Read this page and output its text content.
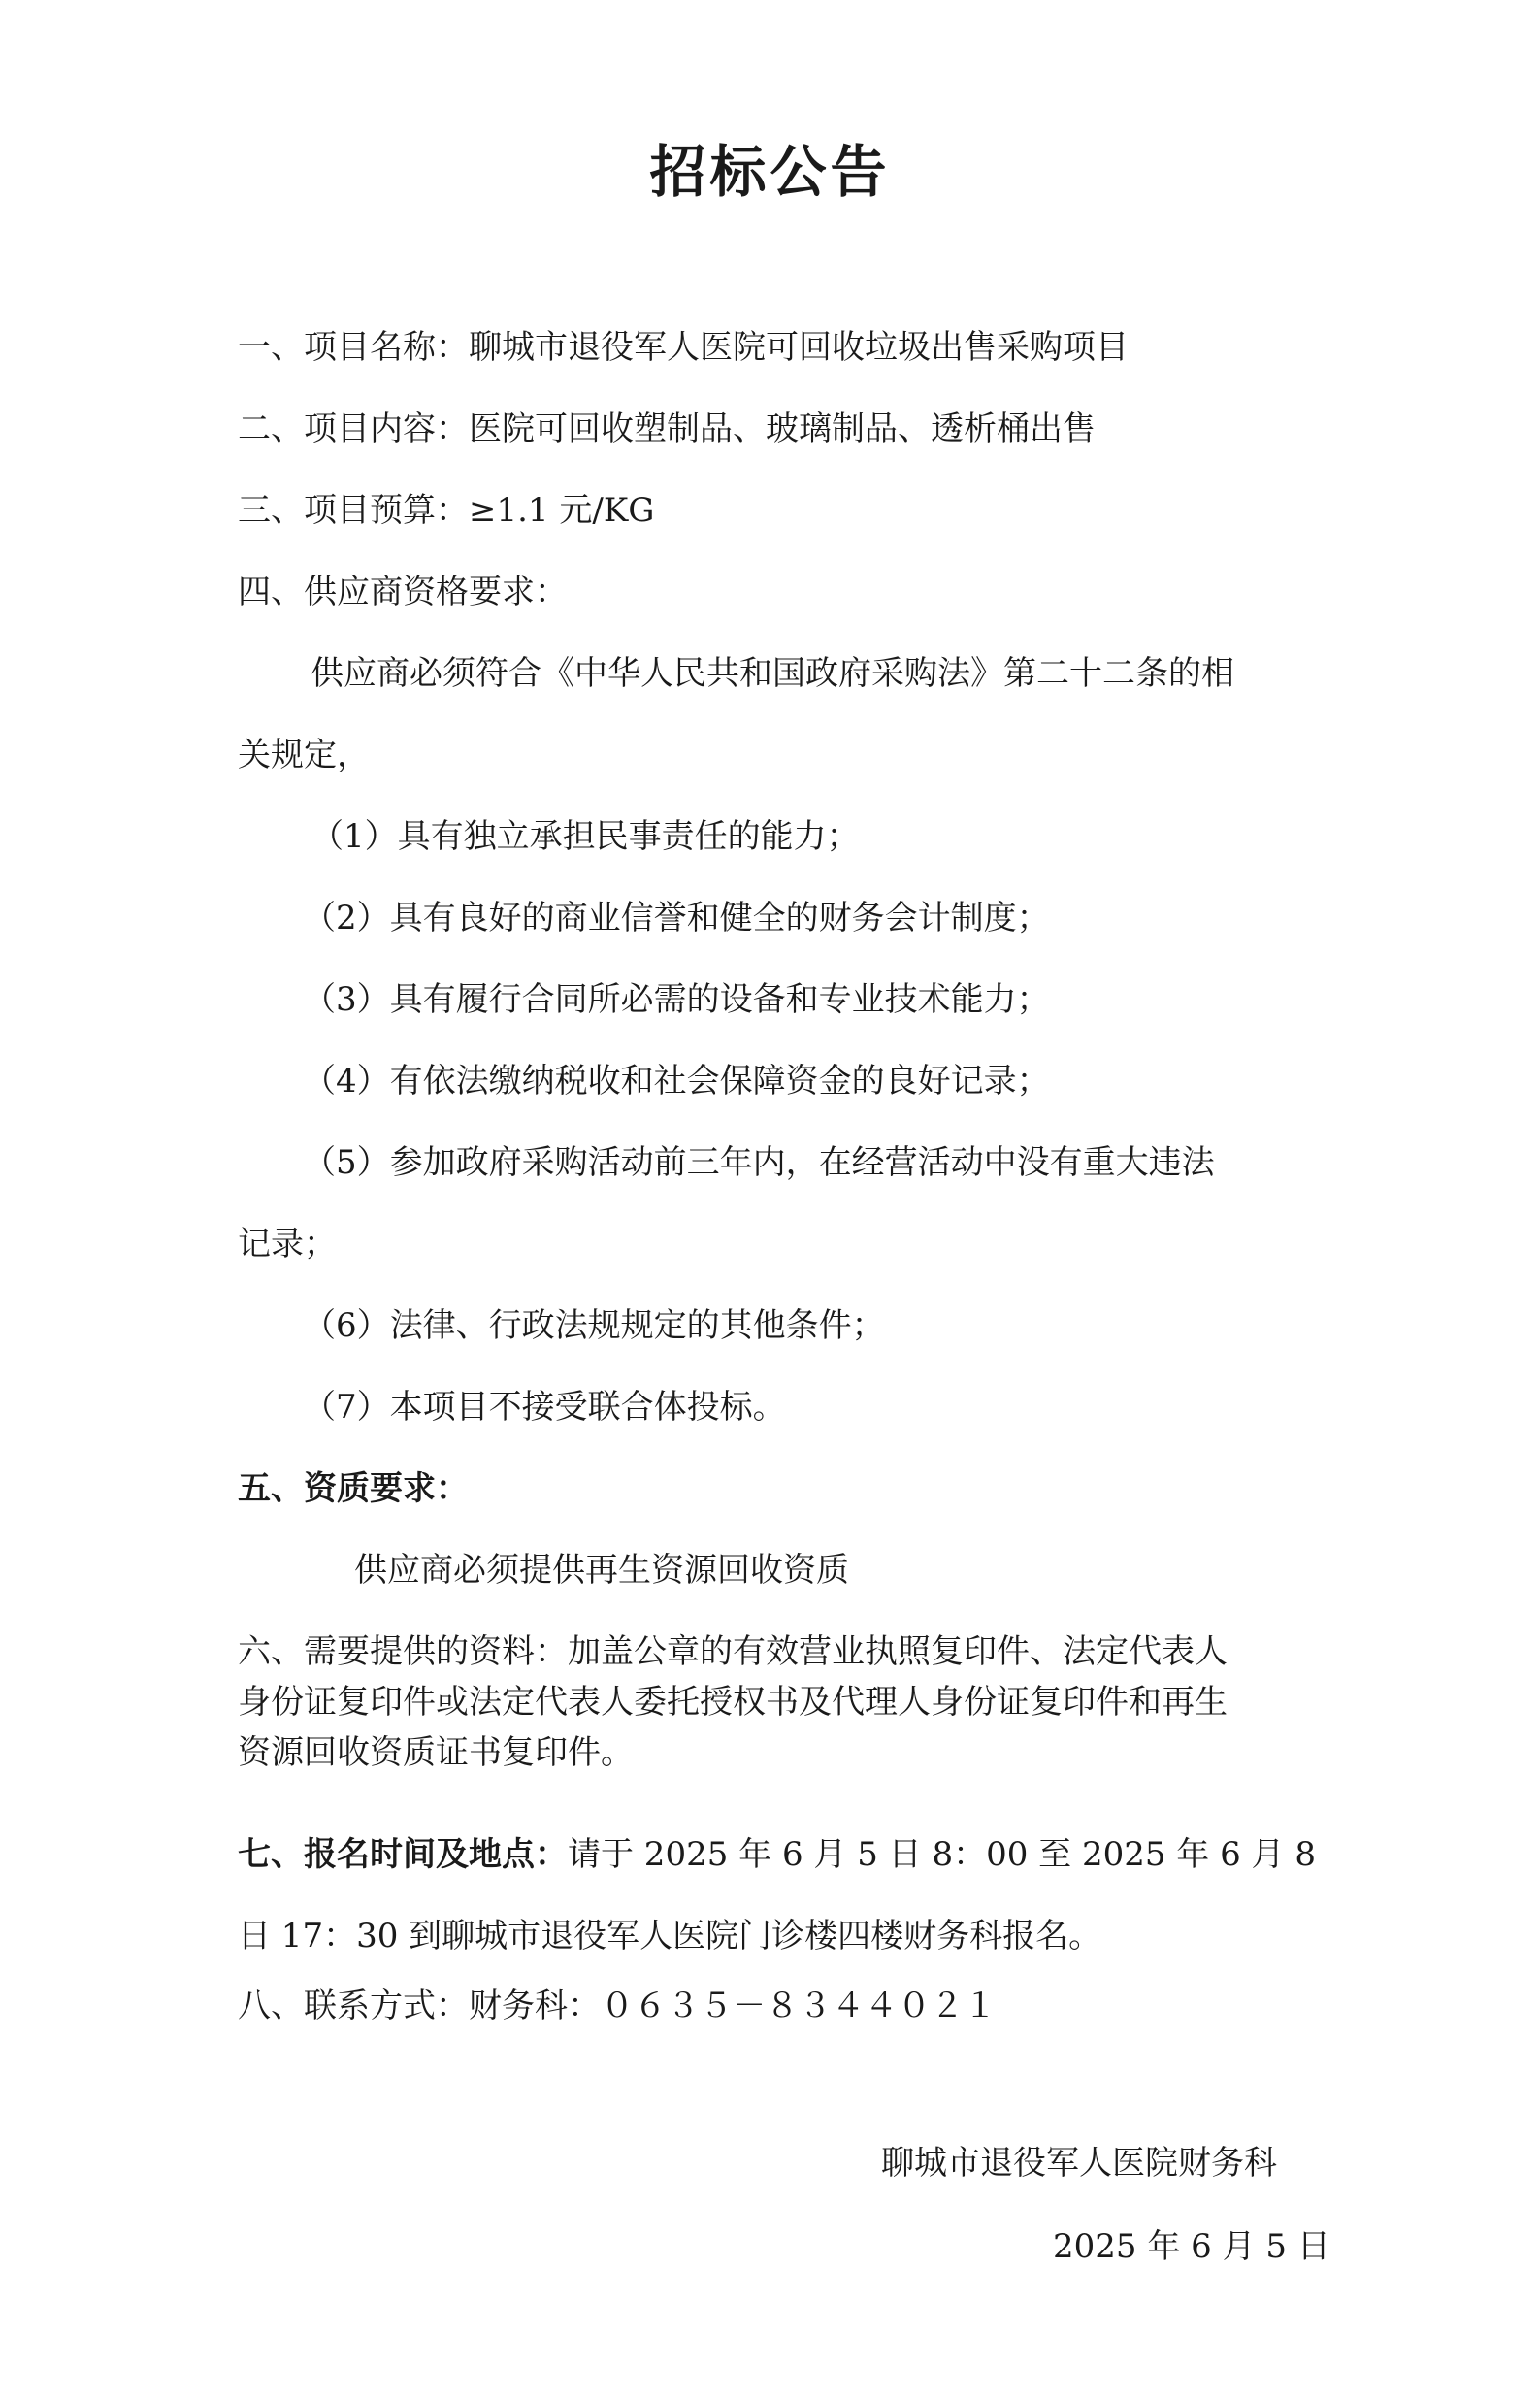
招标公告
一、项目名称：聊城市退役军人医院可回收垃圾出售采购项目
二、项目内容：医院可回收塑制品、玻璃制品、透析桶出售
三、项目预算：≥1.1 元/KG
四、供应商资格要求：
供应商必须符合《中华人民共和国政府采购法》第二十二条的相
关规定，
（1）具有独立承担民事责任的能力；
（2）具有良好的商业信誉和健全的财务会计制度；
（3）具有履行合同所必需的设备和专业技术能力；
（4）有依法缴纳税收和社会保障资金的良好记录；
（5）参加政府采购活动前三年内，在经营活动中没有重大违法
记录；
（6）法律、行政法规规定的其他条件；
（7）本项目不接受联合体投标。
五、资质要求：
供应商必须提供再生资源回收资质
六、需要提供的资料：加盖公章的有效营业执照复印件、法定代表人
身份证复印件或法定代表人委托授权书及代理人身份证复印件和再生
资源回收资质证书复印件。
七、报名时间及地点：请于 2025 年 6 月 5 日 8：00 至 2025 年 6 月 8
日 17：30 到聊城市退役军人医院门诊楼四楼财务科报名。
八、联系方式：财务科：０６３５－８３４４０２１
聊城市退役军人医院财务科
2025 年 6 月 5 日
